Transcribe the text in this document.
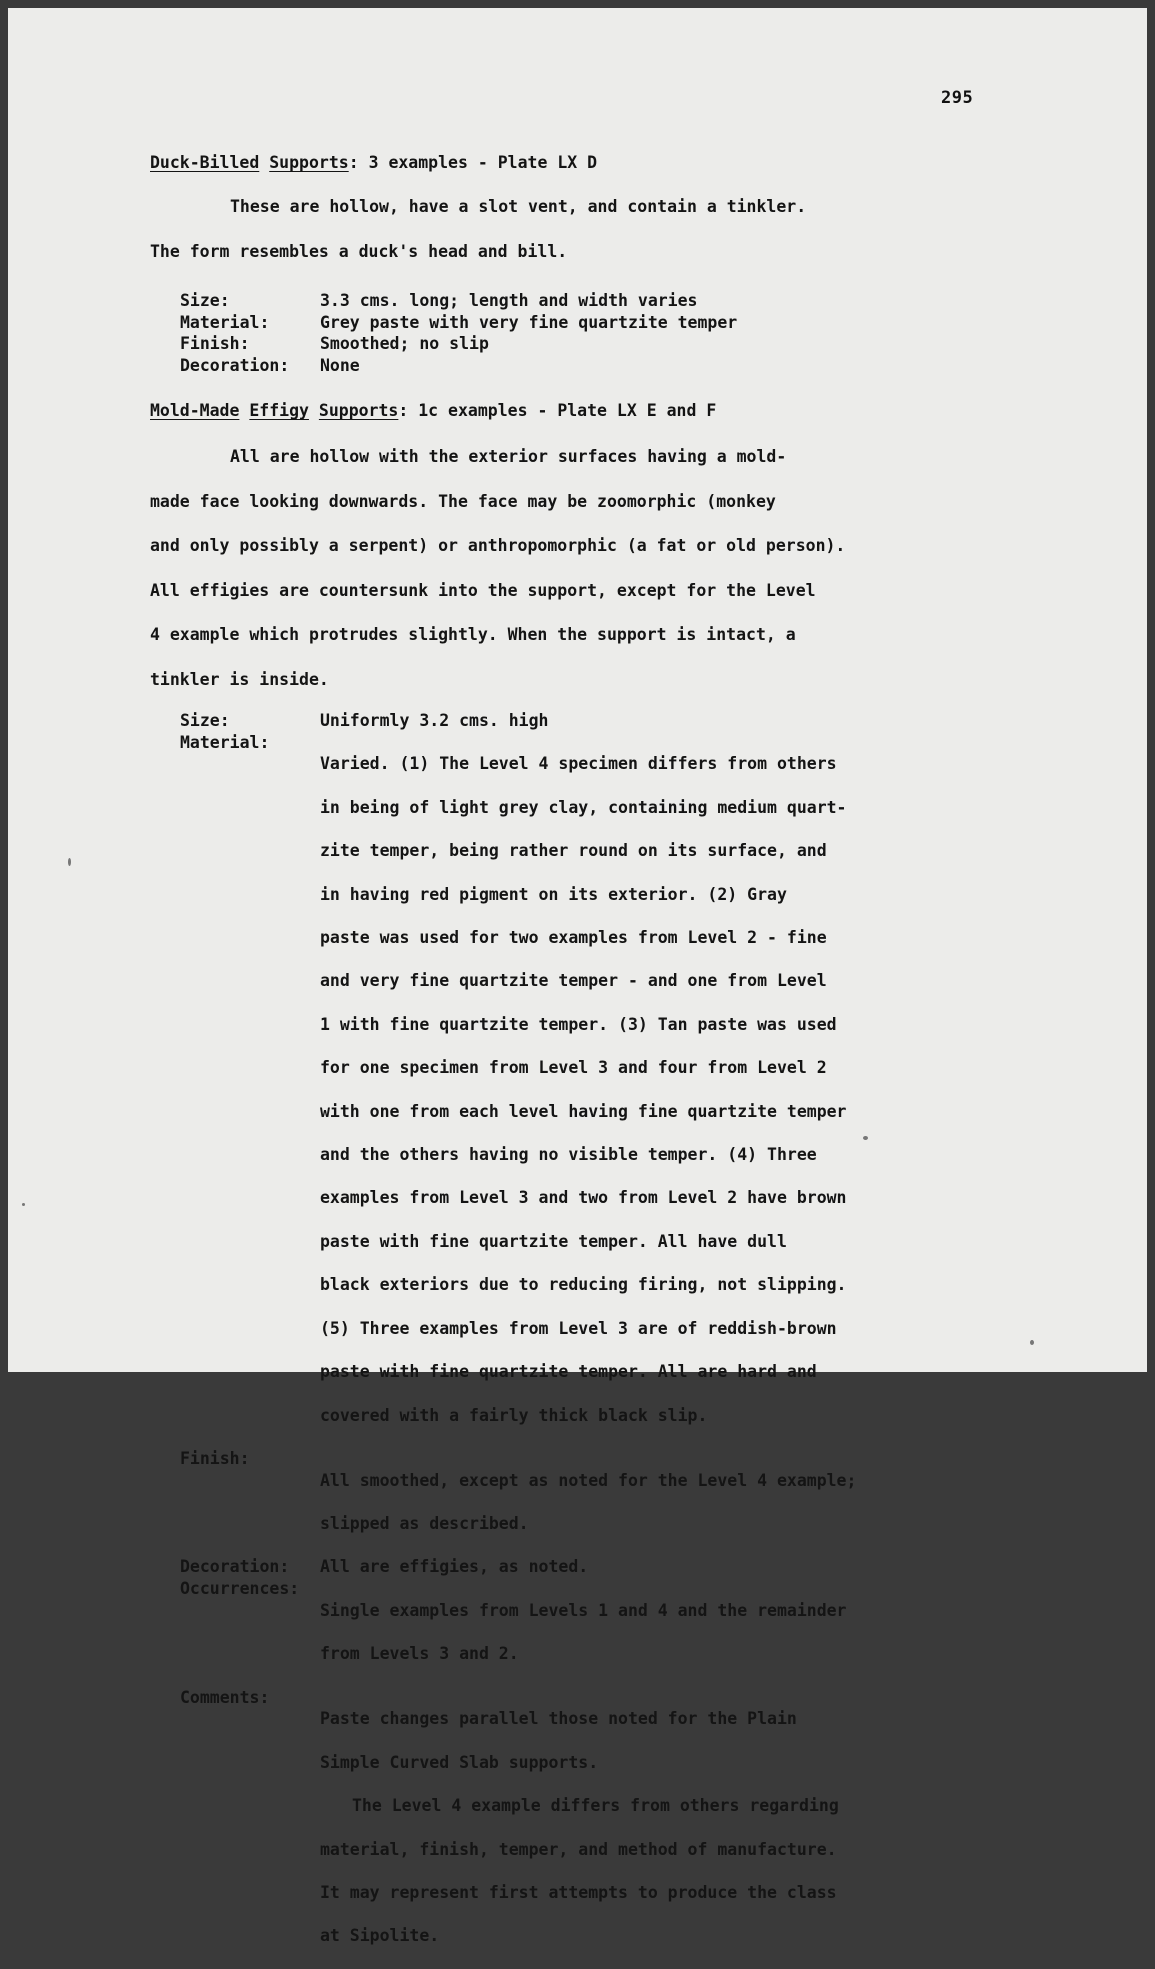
295
Duck-Billed Supports: 3 examples - Plate LX D
These are hollow, have a slot vent, and contain a tinkler.
The form resembles a duck's head and bill.
Size:	3.3 cms. long; length and width varies
Material:	Grey paste with very fine quartzite temper
Finish:	Smoothed; no slip
Decoration:	None
Mold-Made Effigy Supports: 1с examples - Plate LX E and F
All are hollow with the exterior surfaces having a mold-
made face looking downwards. The face may be zoomorphic (monkey
and only possibly a serpent) or anthropomorphic (a fat or old person).
All effigies are countersunk into the support, except for the Level
4 example which protrudes slightly. When the support is intact, a
tinkler is inside.
Size:	Uniformly 3.2 cms. high
Material:

Varied. (1) The Level 4 specimen differs from others

in being of light grey clay, containing medium quart-

zite temper, being rather round on its surface, and

in having red pigment on its exterior. (2) Gray

paste was used for two examples from Level 2 - fine

and very fine quartzite temper - and one from Level

1 with fine quartzite temper. (3) Tan paste was used

for one specimen from Level 3 and four from Level 2

with one from each level having fine quartzite temper

and the others having no visible temper. (4) Three

examples from Level 3 and two from Level 2 have brown

paste with fine quartzite temper. All have dull

black exteriors due to reducing firing, not slipping.

(5) Three examples from Level 3 are of reddish-brown

paste with fine quartzite temper. All are hard and

covered with a fairly thick black slip.

Finish:

All smoothed, except as noted for the Level 4 example;

slipped as described.

Decoration:	All are effigies, as noted.
Occurrences:

Single examples from Levels 1 and 4 and the remainder

from Levels 3 and 2.

Comments:

Paste changes parallel those noted for the Plain

Simple Curved Slab supports.

The Level 4 example differs from others regarding

material, finish, temper, and method of manufacture.

It may represent first attempts to produce the class

at Sipolite.
